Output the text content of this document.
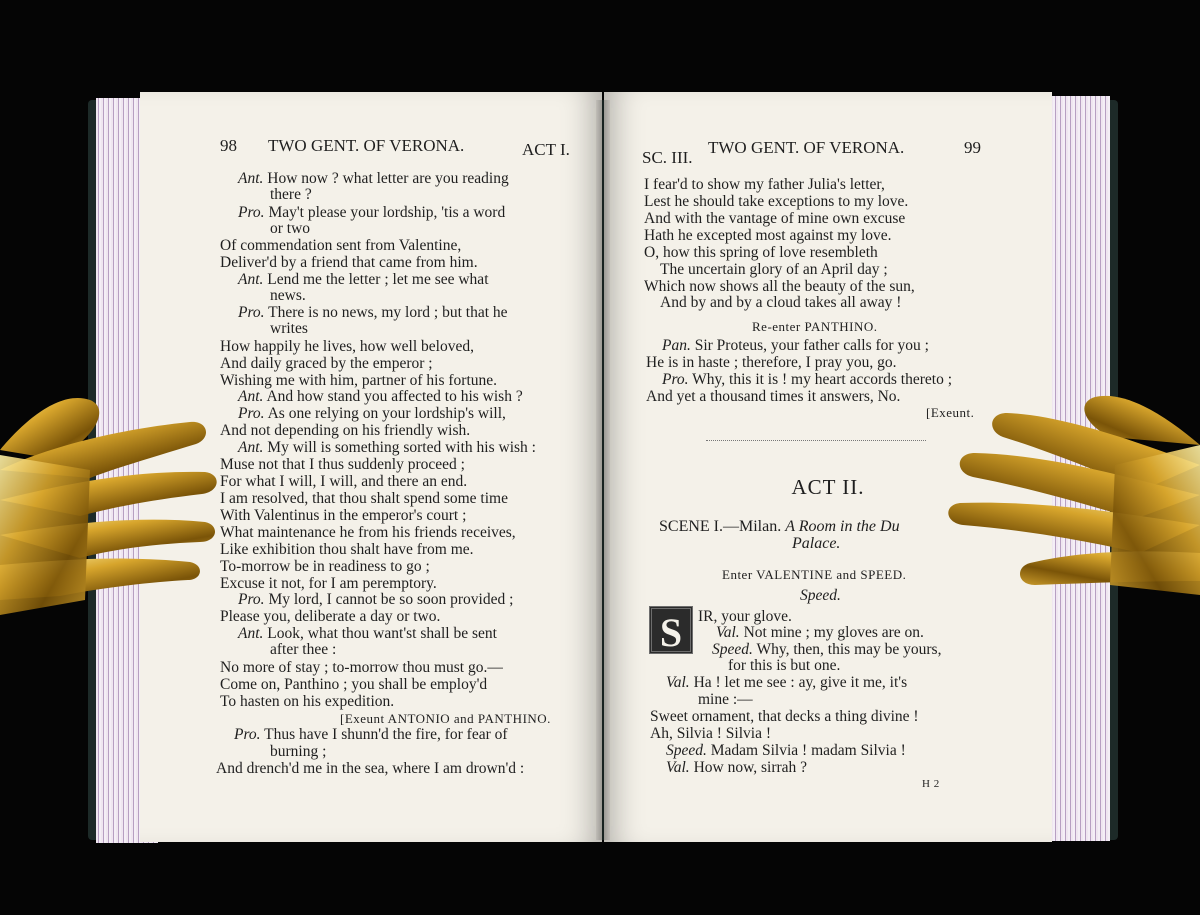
98 TWO GENT. OF VERONA.	ACT I.
Ant. How now ? what letter are you reading
there ?
Pro. May't please your lordship, 'tis a word
or two
Of commendation sent from Valentine,
Deliver'd by a friend that came from him.
Ant. Lend me the letter ; let me see what
news.
Pro. There is no news, my lord ; but that he
writes
How happily he lives, how well beloved,
And daily graced by the emperor ;
Wishing me with him, partner of his fortune.
Ant. And how stand you affected to his wish ?
Pro. As one relying on your lordship's will,
And not depending on his friendly wish.
Ant. My will is something sorted with his wish :
Muse not that I thus suddenly proceed ;
For what I will, I will, and there an end.
I am resolved, that thou shalt spend some time
With Valentinus in the emperor's court ;
What maintenance he from his friends receives,
Like exhibition thou shalt have from me.
To-morrow be in readiness to go ;
Excuse it not, for I am peremptory.
Pro. My lord, I cannot be so soon provided ;
Please you, deliberate a day or two.
Ant. Look, what thou want'st shall be sent
after thee :
No more of stay ; to-morrow thou must go.—
Come on, Panthino ; you shall be employ'd
To hasten on his expedition.
[Exeunt ANTONIO and PANTHINO.
Pro. Thus have I shunn'd the fire, for fear of
burning ;
And drench'd me in the sea, where I am drown'd :
SC. III.
TWO GENT. OF VERONA.	99
I fear'd to show my father Julia's letter,
Lest he should take exceptions to my love.
And with the vantage of mine own excuse
Hath he excepted most against my love.
O, how this spring of love resembleth
The uncertain glory of an April day ;
Which now shows all the beauty of the sun,
And by and by a cloud takes all away !
Re-enter PANTHINO.
Pan. Sir Proteus, your father calls for you ;
He is in haste ; therefore, I pray you, go.
Pro. Why, this it is ! my heart accords thereto ;
And yet a thousand times it answers, No.
[Exeunt.
ACT II.
SCENE I.—Milan. A Room in the Du
Palace.
Enter VALENTINE and SPEED.
Speed.
S	IR, your glove.
Val. Not mine ; my gloves are on.
Speed. Why, then, this may be yours,
for this is but one.
Val. Ha ! let me see : ay, give it me, it's
mine :—
Sweet ornament, that decks a thing divine !
Ah, Silvia ! Silvia !
Speed. Madam Silvia ! madam Silvia !
Val. How now, sirrah ?
H 2
